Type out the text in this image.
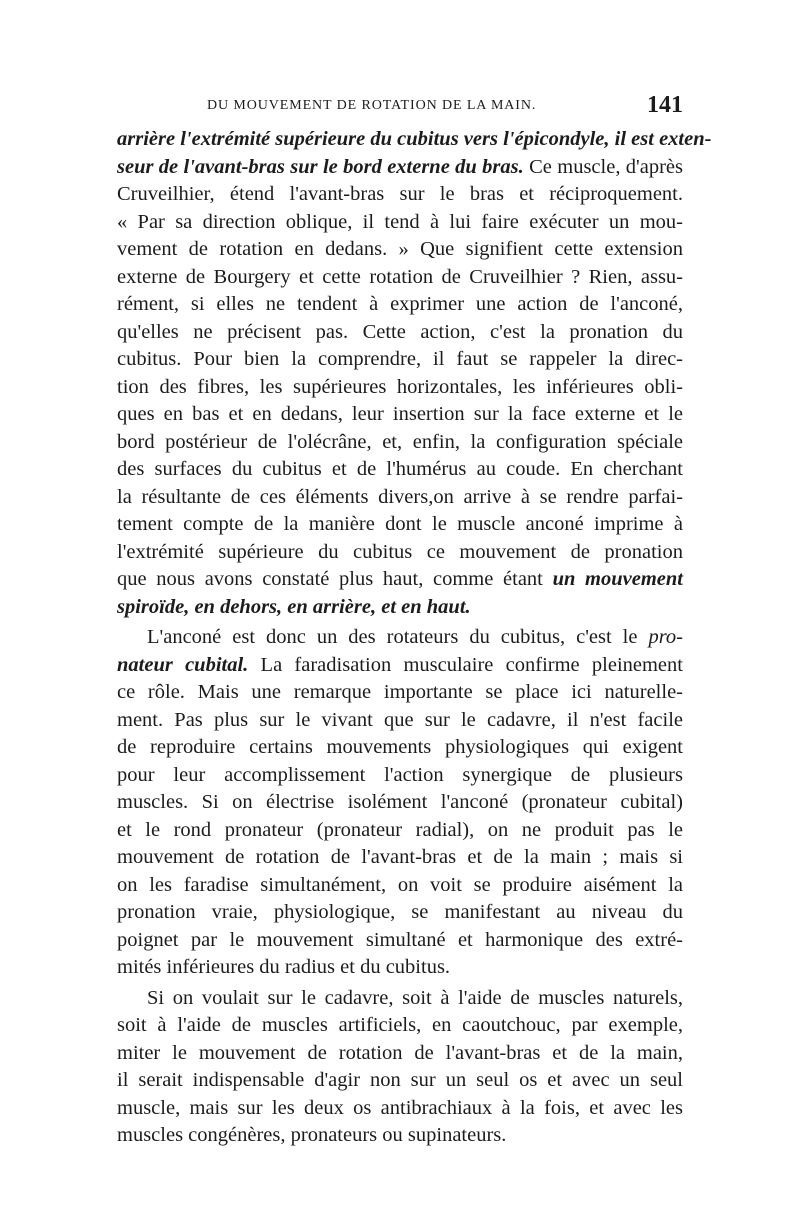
DU MOUVEMENT DE ROTATION DE LA MAIN.	141
arrière l'extrémité supérieure du cubitus vers l'épicondyle, il est exten-
seur de l'avant-bras sur le bord externe du bras. Ce muscle, d'après
Cruveilhier, étend l'avant-bras sur le bras et réciproquement.
« Par sa direction oblique, il tend à lui faire exécuter un mou-
vement de rotation en dedans. » Que signifient cette extension
externe de Bourgery et cette rotation de Cruveilhier ? Rien, assu-
rément, si elles ne tendent à exprimer une action de l'anconé,
qu'elles ne précisent pas. Cette action, c'est la pronation du
cubitus. Pour bien la comprendre, il faut se rappeler la direc-
tion des fibres, les supérieures horizontales, les inférieures obli-
ques en bas et en dedans, leur insertion sur la face externe et le
bord postérieur de l'olécrâne, et, enfin, la configuration spéciale
des surfaces du cubitus et de l'humérus au coude. En cherchant
la résultante de ces éléments divers,on arrive à se rendre parfai-
tement compte de la manière dont le muscle anconé imprime à
l'extrémité supérieure du cubitus ce mouvement de pronation
que nous avons constaté plus haut, comme étant un mouvement
spiroïde, en dehors, en arrière, et en haut.
L'anconé est donc un des rotateurs du cubitus, c'est le pro-
nateur cubital. La faradisation musculaire confirme pleinement
ce rôle. Mais une remarque importante se place ici naturelle-
ment. Pas plus sur le vivant que sur le cadavre, il n'est facile
de reproduire certains mouvements physiologiques qui exigent
pour leur accomplissement l'action synergique de plusieurs
muscles. Si on électrise isolément l'anconé (pronateur cubital)
et le rond pronateur (pronateur radial), on ne produit pas le
mouvement de rotation de l'avant-bras et de la main ; mais si
on les faradise simultanément, on voit se produire aisément la
pronation vraie, physiologique, se manifestant au niveau du
poignet par le mouvement simultané et harmonique des extré-
mités inférieures du radius et du cubitus.
Si on voulait sur le cadavre, soit à l'aide de muscles naturels,
soit à l'aide de muscles artificiels, en caoutchouc, par exemple,
miter le mouvement de rotation de l'avant-bras et de la main,
il serait indispensable d'agir non sur un seul os et avec un seul
muscle, mais sur les deux os antibrachiaux à la fois, et avec les
muscles congénères, pronateurs ou supinateurs.
